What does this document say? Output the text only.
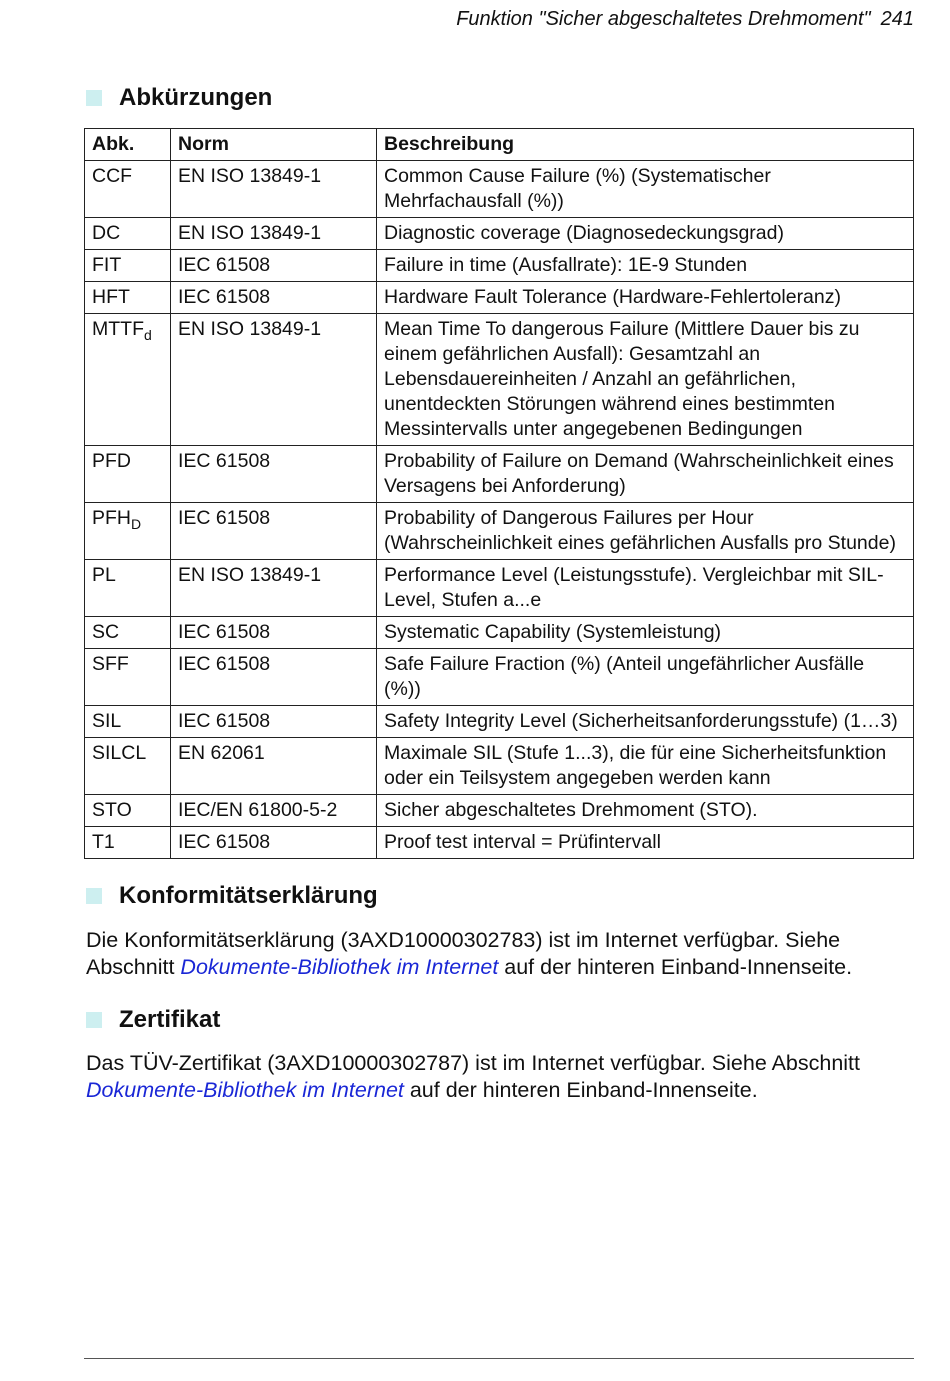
Funktion "Sicher abgeschaltetes Drehmoment" 241
Abkürzungen
Abk.	Norm	Beschreibung
CCF	EN ISO 13849-1	Common Cause Failure (%) (Systematischer Mehrfachausfall (%))
DC	EN ISO 13849-1	Diagnostic coverage (Diagnosedeckungsgrad)
FIT	IEC 61508	Failure in time (Ausfallrate): 1E-9 Stunden
HFT	IEC 61508	Hardware Fault Tolerance (Hardware-Fehlertoleranz)
$MTTF_d$	EN ISO 13849-1	Mean Time To dangerous Failure (Mittlere Dauer bis zu einem gefährlichen Ausfall): Gesamtzahl an Lebensdauereinheiten / Anzahl an gefährlichen, unentdeckten Störungen während eines bestimmten Messintervalls unter angegebenen Bedingungen
PFD	IEC 61508	Probability of Failure on Demand (Wahrscheinlichkeit eines Versagens bei Anforderung)
$PFH_D$	IEC 61508	Probability of Dangerous Failures per Hour (Wahrscheinlichkeit eines gefährlichen Ausfalls pro Stunde)
PL	EN ISO 13849-1	Performance Level (Leistungsstufe). Vergleichbar mit SIL-Level, Stufen a...e
SC	IEC 61508	Systematic Capability (Systemleistung)
SFF	IEC 61508	Safe Failure Fraction (%) (Anteil ungefährlicher Ausfälle (%))
SIL	IEC 61508	Safety Integrity Level (Sicherheitsanforderungsstufe) (1…3)
SILCL	EN 62061	Maximale SIL (Stufe 1...3), die für eine Sicherheitsfunktion oder ein Teilsystem angegeben werden kann
STO	IEC/EN 61800-5-2	Sicher abgeschaltetes Drehmoment (STO).
T1	IEC 61508	Proof test interval = Prüfintervall
Konformitätserklärung

Die Konformitätserklärung (3AXD10000302783) ist im Internet verfügbar. Siehe Abschnitt Dokumente-Bibliothek im Internet auf der hinteren Einband-Innenseite.

Zertifikat

Das TÜV-Zertifikat (3AXD10000302787) ist im Internet verfügbar. Siehe Abschnitt Dokumente-Bibliothek im Internet auf der hinteren Einband-Innenseite.
